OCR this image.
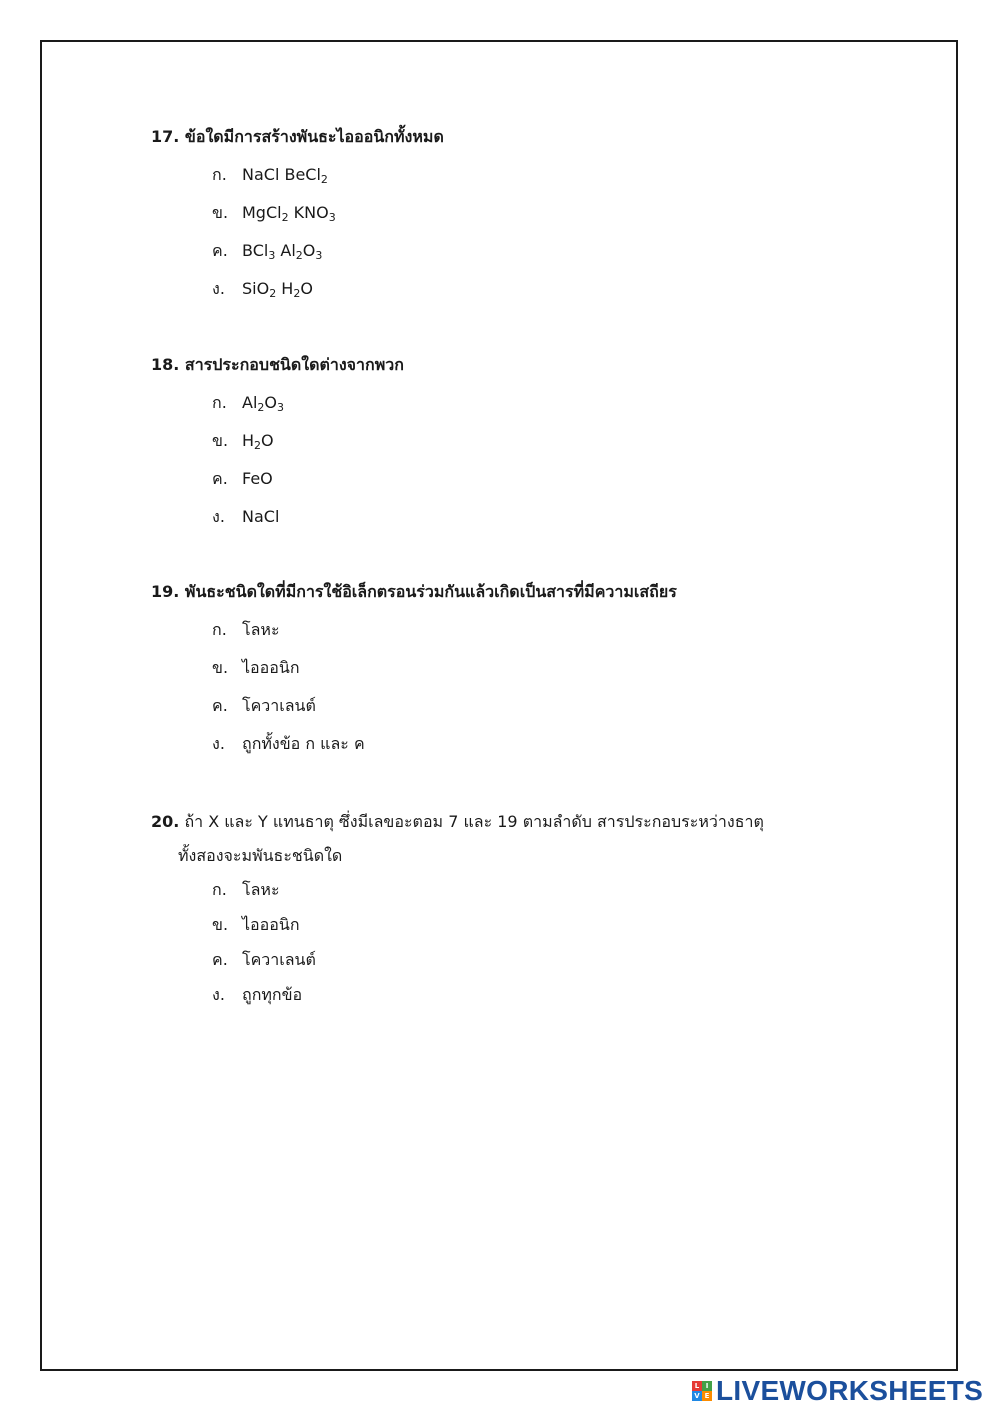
17. ข้อใดมีการสร้างพันธะไอออนิกทั้งหมด
ก. NaCl BeCl$_2$
ข. MgCl$_2$ $KNO_3$
ค. BCl$_3$ $Al_2O_3$
ง. SiO$_2$ $H_2O$
18. สารประกอบชนิดใดต่างจากพวก
ก. $Al_2O_3$
ข. $H_2O$
ค. FeO
ง. NaCl
19. พันธะชนิดใดที่มีการใช้อิเล็กตรอนร่วมกันแล้วเกิดเป็นสารที่มีความเสถียร
ก. โลหะ
ข. ไอออนิก
ค. โควาเลนต์
ง. ถูกทั้งข้อ ก และ ค
20. ถ้า X และ Y แทนธาตุ ซึ่งมีเลขอะตอม 7 และ 19 ตามลำดับ สารประกอบระหว่างธาตุ
ทั้งสองจะมพันธะชนิดใด
ก. โลหะ
ข. ไอออนิก
ค. โควาเลนต์
ง. ถูกทุกข้อ
L I
V E LIVEWORKSHEETS
